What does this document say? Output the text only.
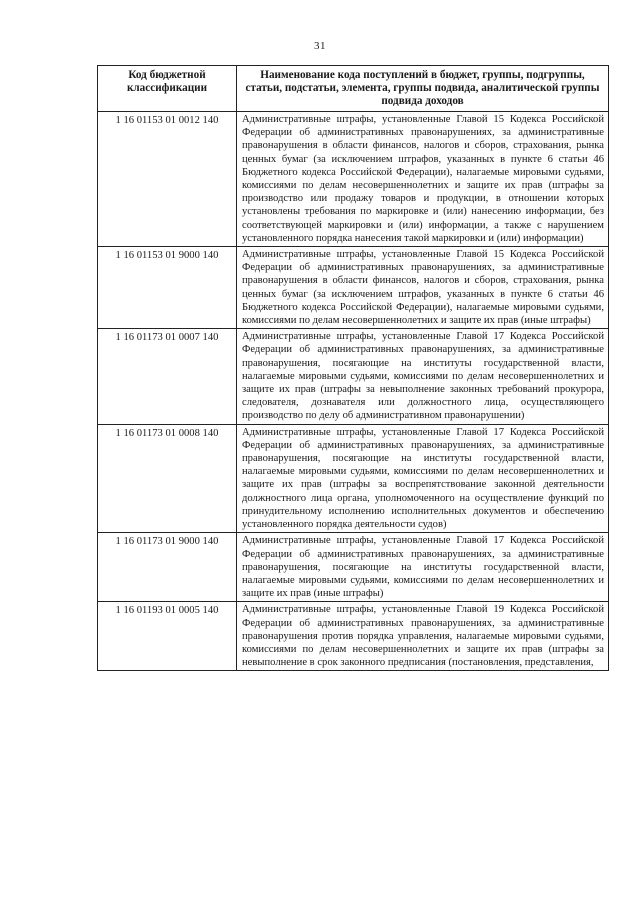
31
Код бюджетной классификации	Наименование кода поступлений в бюджет, группы, подгруппы, статьи, подстатьи, элемента, группы подвида, аналитической группы подвида доходов
1 16 01153 01 0012 140	Административные штрафы, установленные Главой 15 Кодекса Российской Федерации об административных правонарушениях, за административные правонарушения в области финансов, налогов и сборов, страхования, рынка ценных бумаг (за исключением штрафов, указанных в пункте 6 статьи 46 Бюджетного кодекса Российской Федерации), налагаемые мировыми судьями, комиссиями по делам несовершеннолетних и защите их прав (штрафы за производство или продажу товаров и продукции, в отношении которых установлены требования по маркировке и (или) нанесению информации, без соответствующей маркировки и (или) информации, а также с нарушением установленного порядка нанесения такой маркировки и (или) информации)
1 16 01153 01 9000 140	Административные штрафы, установленные Главой 15 Кодекса Российской Федерации об административных правонарушениях, за административные правонарушения в области финансов, налогов и сборов, страхования, рынка ценных бумаг (за исключением штрафов, указанных в пункте 6 статьи 46 Бюджетного кодекса Российской Федерации), налагаемые мировыми судьями, комиссиями по делам несовершеннолетних и защите их прав (иные штрафы)
1 16 01173 01 0007 140	Административные штрафы, установленные Главой 17 Кодекса Российской Федерации об административных правонарушениях, за административные правонарушения, посягающие на институты государственной власти, налагаемые мировыми судьями, комиссиями по делам несовершеннолетних и защите их прав (штрафы за невыполнение законных требований прокурора, следователя, дознавателя или должностного лица, осуществляющего производство по делу об административном правонарушении)
1 16 01173 01 0008 140	Административные штрафы, установленные Главой 17 Кодекса Российской Федерации об административных правонарушениях, за административные правонарушения, посягающие на институты государственной власти, налагаемые мировыми судьями, комиссиями по делам несовершеннолетних и защите их прав (штрафы за воспрепятствование законной деятельности должностного лица органа, уполномоченного на осуществление функций по принудительному исполнению исполнительных документов и обеспечению установленного порядка деятельности судов)
1 16 01173 01 9000 140	Административные штрафы, установленные Главой 17 Кодекса Российской Федерации об административных правонарушениях, за административные правонарушения, посягающие на институты государственной власти, налагаемые мировыми судьями, комиссиями по делам несовершеннолетних и защите их прав (иные штрафы)
1 16 01193 01 0005 140	Административные штрафы, установленные Главой 19 Кодекса Российской Федерации об административных правонарушениях, за административные правонарушения против порядка управления, налагаемые мировыми судьями, комиссиями по делам несовершеннолетних и защите их прав (штрафы за невыполнение в срок законного предписания (постановления, представления,
